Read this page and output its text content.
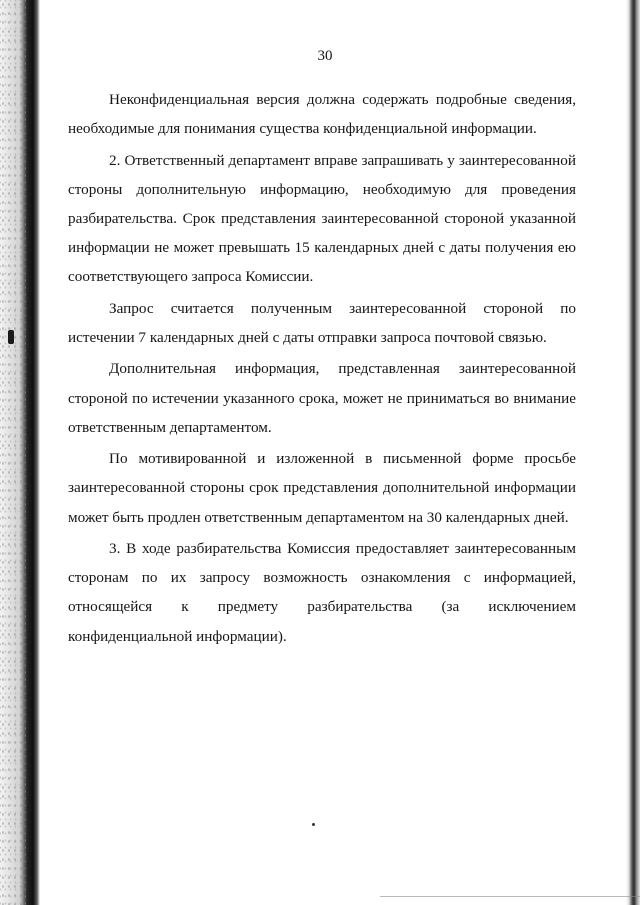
30

Неконфиденциальная версия должна содержать подробные сведения, необходимые для понимания существа конфиденциальной информации.

2. Ответственный департамент вправе запрашивать у заинтересованной стороны дополнительную информацию, необходимую для проведения разбирательства. Срок представления заинтересованной стороной указанной информации не может превышать 15 календарных дней с даты получения ею соответствующего запроса Комиссии.

Запрос считается полученным заинтересованной стороной по истечении 7 календарных дней с даты отправки запроса почтовой связью.

Дополнительная информация, представленная заинтересованной стороной по истечении указанного срока, может не приниматься во внимание ответственным департаментом.

По мотивированной и изложенной в письменной форме просьбе заинтересованной стороны срок представления дополнительной информации может быть продлен ответственным департаментом на 30 календарных дней.

3. В ходе разбирательства Комиссия предоставляет заинтересованным сторонам по их запросу возможность ознакомления с информацией, относящейся к предмету разбирательства (за исключением конфиденциальной информации).
